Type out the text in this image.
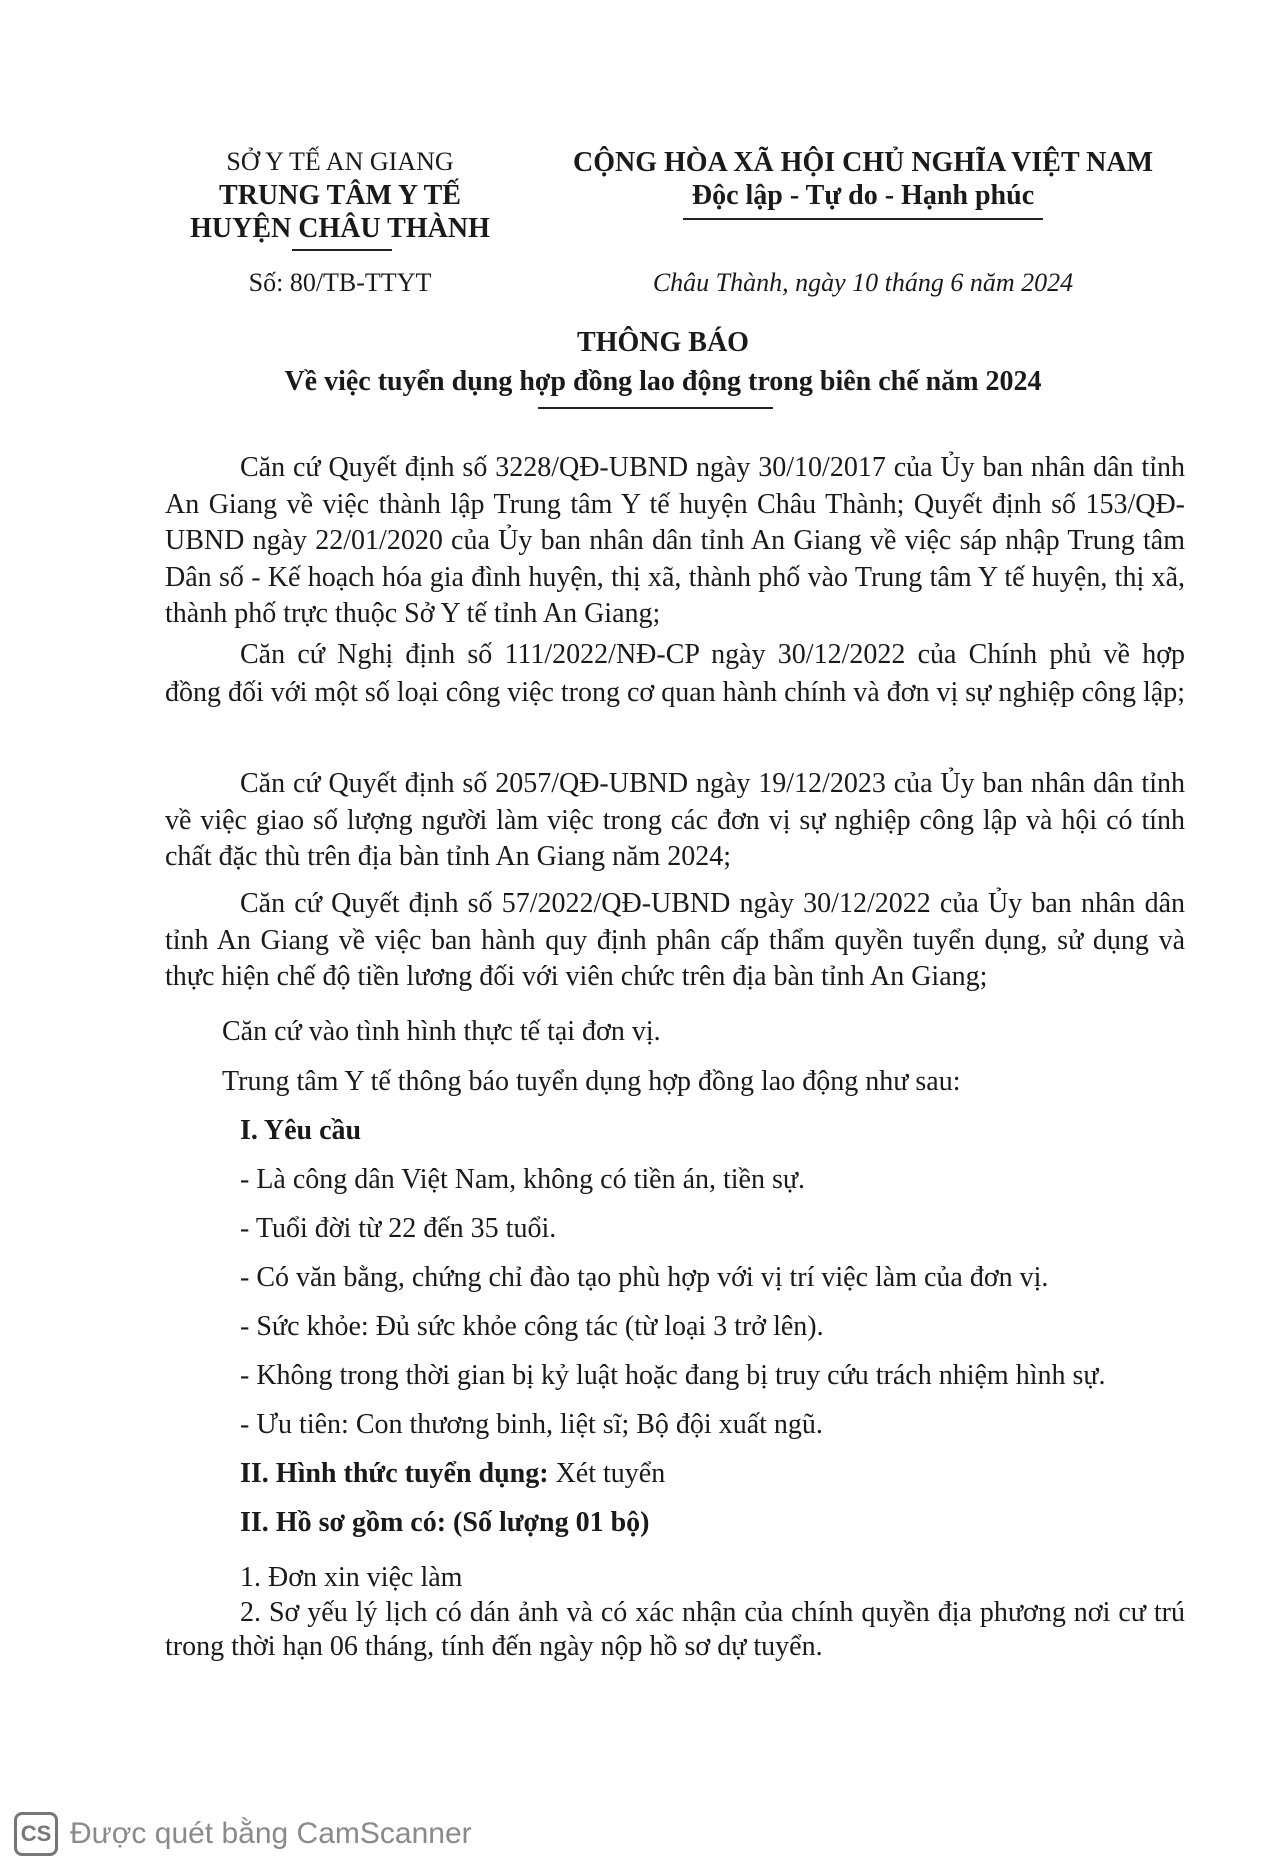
SỞ Y TẾ AN GIANG
TRUNG TÂM Y TẾ
HUYỆN CHÂU THÀNH
Số: 80/TB-TTYT
CỘNG HÒA XÃ HỘI CHỦ NGHĨA VIỆT NAM
Độc lập - Tự do - Hạnh phúc
Châu Thành, ngày 10 tháng 6 năm 2024
THÔNG BÁO
Về việc tuyển dụng hợp đồng lao động trong biên chế năm 2024
Căn cứ Quyết định số 3228/QĐ-UBND ngày 30/10/2017 của Ủy ban nhân dân tỉnh An Giang về việc thành lập Trung tâm Y tế huyện Châu Thành; Quyết định số 153/QĐ-UBND ngày 22/01/2020 của Ủy ban nhân dân tỉnh An Giang về việc sáp nhập Trung tâm Dân số - Kế hoạch hóa gia đình huyện, thị xã, thành phố vào Trung tâm Y tế huyện, thị xã, thành phố trực thuộc Sở Y tế tỉnh An Giang;
Căn cứ Nghị định số 111/2022/NĐ-CP ngày 30/12/2022 của Chính phủ về hợp đồng đối với một số loại công việc trong cơ quan hành chính và đơn vị sự nghiệp công lập;
Căn cứ Quyết định số 2057/QĐ-UBND ngày 19/12/2023 của Ủy ban nhân dân tỉnh về việc giao số lượng người làm việc trong các đơn vị sự nghiệp công lập và hội có tính chất đặc thù trên địa bàn tỉnh An Giang năm 2024;
Căn cứ Quyết định số 57/2022/QĐ-UBND ngày 30/12/2022 của Ủy ban nhân dân tỉnh An Giang về việc ban hành quy định phân cấp thẩm quyền tuyển dụng, sử dụng và thực hiện chế độ tiền lương đối với viên chức trên địa bàn tỉnh An Giang;
Căn cứ vào tình hình thực tế tại đơn vị.
Trung tâm Y tế thông báo tuyển dụng hợp đồng lao động như sau:
I. Yêu cầu
- Là công dân Việt Nam, không có tiền án, tiền sự.
- Tuổi đời từ 22 đến 35 tuổi.
- Có văn bằng, chứng chỉ đào tạo phù hợp với vị trí việc làm của đơn vị.
- Sức khỏe: Đủ sức khỏe công tác (từ loại 3 trở lên).
- Không trong thời gian bị kỷ luật hoặc đang bị truy cứu trách nhiệm hình sự.
- Ưu tiên: Con thương binh, liệt sĩ; Bộ đội xuất ngũ.
II. Hình thức tuyển dụng: Xét tuyển
II. Hồ sơ gồm có: (Số lượng 01 bộ)
1. Đơn xin việc làm
2. Sơ yếu lý lịch có dán ảnh và có xác nhận của chính quyền địa phương nơi cư trú trong thời hạn 06 tháng, tính đến ngày nộp hồ sơ dự tuyển.
CS Được quét bằng CamScanner
